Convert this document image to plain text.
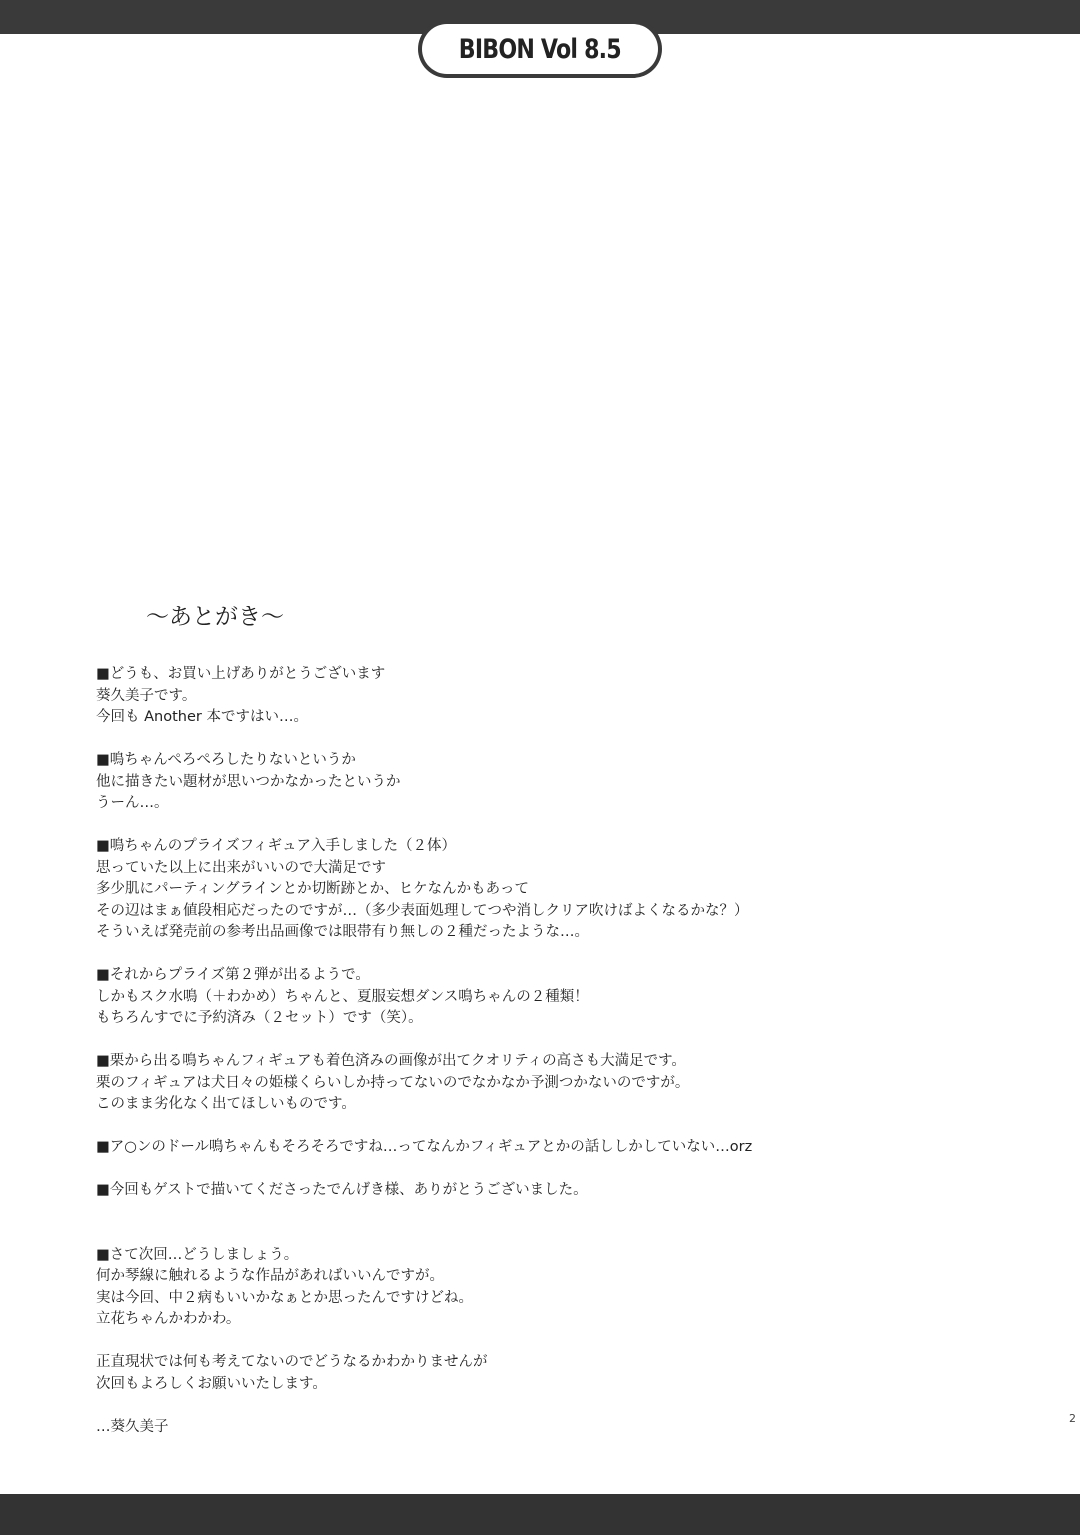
BIBON Vol 8.5
～あとがき～

■どうも、お買い上げありがとうございます
葵久美子です。
今回も Another 本ですはい…。

■鳴ちゃんぺろぺろしたりないというか
他に描きたい題材が思いつかなかったというか
うーん…。

■鳴ちゃんのプライズフィギュア入手しました（２体）
思っていた以上に出来がいいので大満足です
多少肌にパーティングラインとか切断跡とか、ヒケなんかもあって
その辺はまぁ値段相応だったのですが…（多少表面処理してつや消しクリア吹けばよくなるかな？）
そういえば発売前の参考出品画像では眼帯有り無しの２種だったような…。

■それからプライズ第２弾が出るようで。
しかもスク水鳴（＋わかめ）ちゃんと、夏服妄想ダンス鳴ちゃんの２種類！
もちろんすでに予約済み（２セット）です（笑）。

■栗から出る鳴ちゃんフィギュアも着色済みの画像が出てクオリティの高さも大満足です。
栗のフィギュアは犬日々の姫様くらいしか持ってないのでなかなか予測つかないのですが。
このまま劣化なく出てほしいものです。

■ア○ンのドール鳴ちゃんもそろそろですね…ってなんかフィギュアとかの話ししかしていない…orz

■今回もゲストで描いてくださったでんげき様、ありがとうございました。

■さて次回…どうしましょう。
何か琴線に触れるような作品があればいいんですが。
実は今回、中２病もいいかなぁとか思ったんですけどね。
立花ちゃんかわかわ。

正直現状では何も考えてないのでどうなるかわかりませんが
次回もよろしくお願いいたします。

…葵久美子	2
